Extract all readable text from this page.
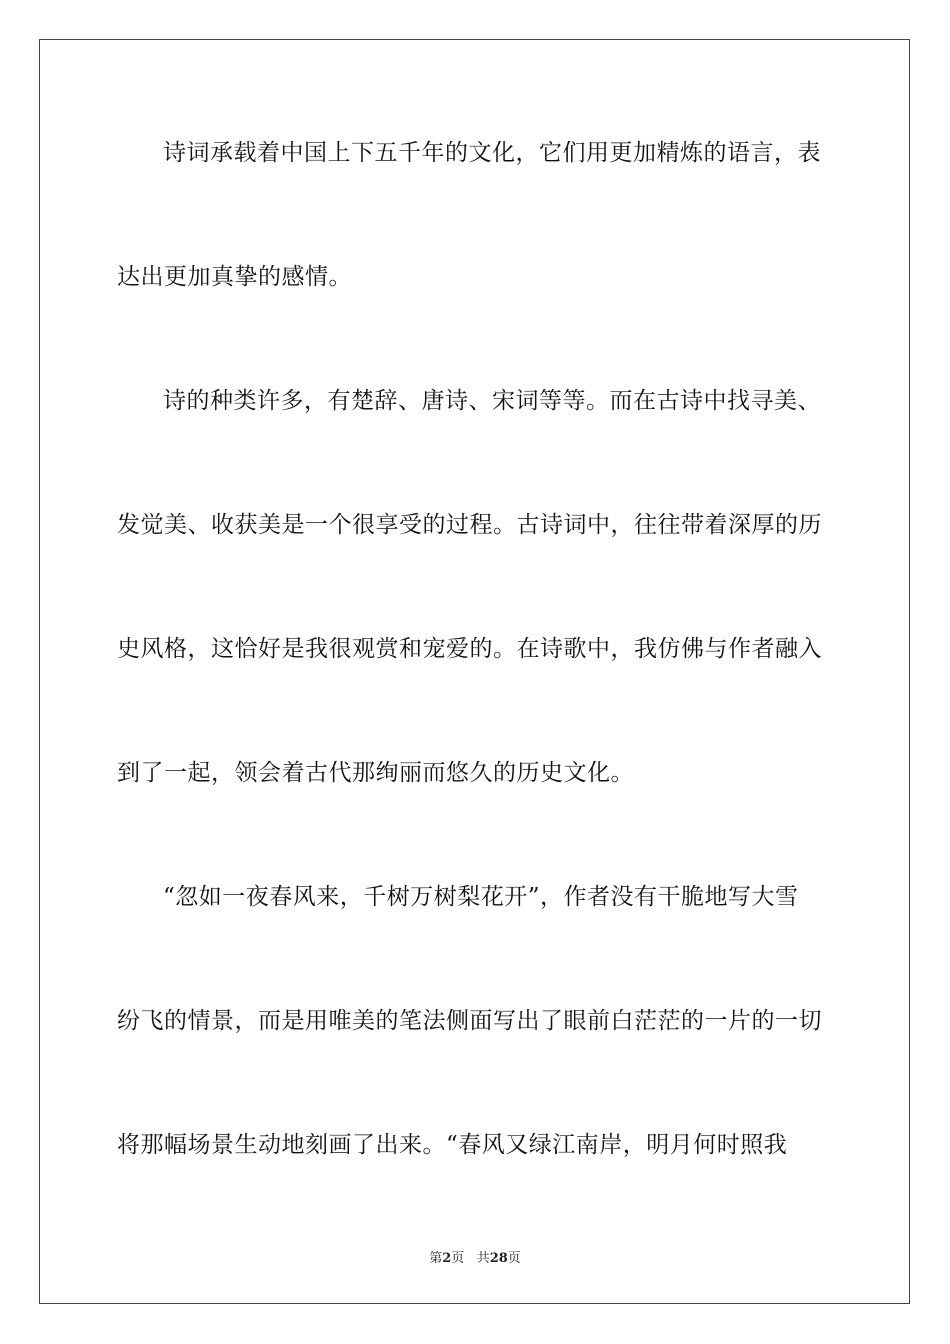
诗词承载着中国上下五千年的文化，它们用更加精炼的语言，表
达出更加真挚的感情。
诗的种类许多，有楚辞、唐诗、宋词等等。而在古诗中找寻美、
发觉美、收获美是一个很享受的过程。古诗词中，往往带着深厚的历
史风格，这恰好是我很观赏和宠爱的。在诗歌中，我仿佛与作者融入
到了一起，领会着古代那绚丽而悠久的历史文化。
“忽如一夜春风来，千树万树梨花开”，作者没有干脆地写大雪
纷飞的情景，而是用唯美的笔法侧面写出了眼前白茫茫的一片的一切
将那幅场景生动地刻画了出来。“春风又绿江南岸，明月何时照我
第2页 共28页
